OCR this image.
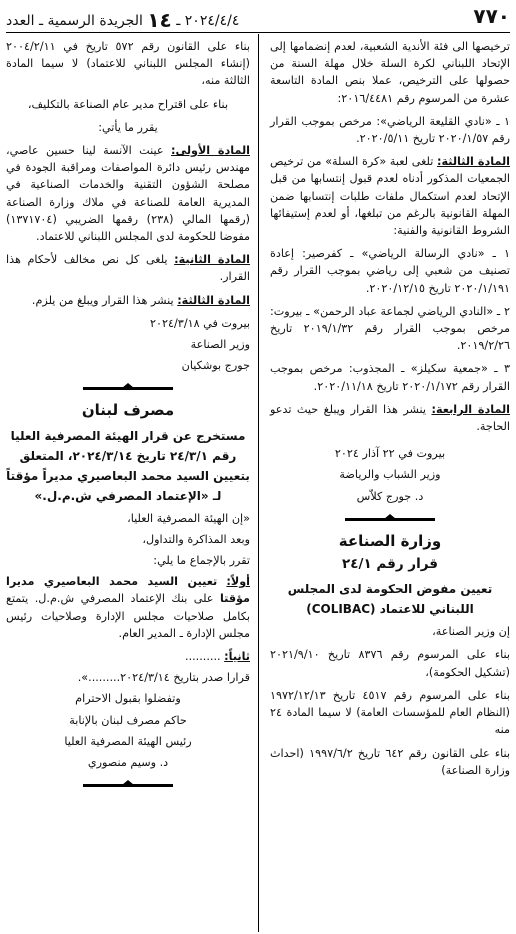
٧٧٠
٢٠٢٤/٤/٤ ـ ١٤ الجريدة الرسمية ـ العدد

ترخيصها الى فئة الأندية الشعبية، لعدم إنضمامها إلى الإتحاد اللبناني لكرة السلة خلال مهلة السنة من حصولها على الترخيص، عملا بنص المادة التاسعة عشرة من المرسوم رقم ٢٠١٦/٤٤٨١:

١ ـ «نادي القليعة الرياضي»: مرخص بموجب القرار رقم ٢٠٢٠/١/٥٧ تاريخ ٢٠٢٠/٥/١١.

المادة الثالثة: تلغى لعبة «كرة السلة» من ترخيص الجمعيات المذكور أدناه لعدم قبول إنتسابها من قبل الإتحاد لعدم استكمال ملفات طلبات إنتسابها ضمن المهلة القانونية بالرغم من تبلغها، أو لعدم إستيفائها الشروط القانونية والفنية:

١ ـ «نادي الرسالة الرياضي» ـ كفرصير: إعادة تصنيف من شعبي إلى رياضي بموجب القرار رقم ٢٠٢٠/١/١٩١ تاريخ ٢٠٢٠/١٢/١٥.

٢ ـ «النادي الرياضي لجماعة عباد الرحمن» ـ بيروت: مرخص بموجب القرار رقم ٢٠١٩/١/٣٢ تاريخ ٢٠١٩/٢/٢٦.

٣ ـ «جمعية سكيلز» ـ المجذوب: مرخص بموجب القرار رقم ٢٠٢٠/١/١٧٢ تاريخ ٢٠٢٠/١١/١٨.

المادة الرابعة: ينشر هذا القرار ويبلغ حيث تدعو الحاجة.

بيروت في ٢٢ آذار ٢٠٢٤

وزير الشباب والرياضة

د. جورج كلاّس

وزارة الصناعة
قرار رقم ٢٤/١
تعيين مفوض الحكومة لدى المجلس اللبناني للاعتماد (COLIBAC)

إن وزير الصناعة،

بناء على المرسوم رقم ٨٣٧٦ تاريخ ٢٠٢١/٩/١٠ (تشكيل الحكومة)،

بناء على المرسوم رقم ٤٥١٧ تاريخ ١٩٧٢/١٢/١٣ (النظام العام للمؤسسات العامة) لا سيما المادة ٢٤ منه

بناء على القانون رقم ٦٤٢ تاريخ ١٩٩٧/٦/٢ (احداث وزارة الصناعة)

بناء على القانون رقم ٥٧٢ تاريخ في ٢٠٠٤/٢/١١ (إنشاء المجلس اللبناني للاعتماد) لا سيما المادة الثالثة منه،

بناء على اقتراح مدير عام الصناعة بالتكليف،

يقرر ما يأتي:

المادة الأولى: عينت الآنسة لينا حسين عاصي، مهندس رئيس دائرة المواصفات ومراقبة الجودة في مصلحة الشؤون التقنية والخدمات الصناعية في المديرية العامة للصناعة في ملاك وزارة الصناعة (رقمها المالي (٢٣٨) رقمها الضريبي (١٣٧١٧٠٤) مفوضا للحكومة لدى المجلس اللبناني للاعتماد.

المادة الثانية: يلغى كل نص مخالف لأحكام هذا القرار.

المادة الثالثة: ينشر هذا القرار ويبلغ من يلزم.

بيروت في ٢٠٢٤/٣/١٨

وزير الصناعة

جورج بوشكيان

مصرف لبنان
مستخرج عن قرار الهيئة المصرفية العليا رقم ٢٤/٣/١ تاريخ ٢٠٢٤/٣/١٤، المتعلق بتعيين السيد محمد البعاصيري مديراً مؤقتاً لـ «الإعتماد المصرفي ش.م.ل.»

«إن الهيئة المصرفية العليا،

وبعد المذاكرة والتداول،

تقرر بالإجماع ما يلي:

أولاً: تعيين السيد محمد البعاصيري مديرا مؤقتا على بنك الإعتماد المصرفي ش.م.ل. يتمتع بكامل صلاحيات مجلس الإدارة وصلاحيات رئيس مجلس الإدارة ـ المدير العام.

ثانياً: ..........

قرارا صدر بتاريخ ٢٠٢٤/٣/١٤.........».

وتفضلوا بقبول الاحترام

حاكم مصرف لبنان بالإنابة

رئيس الهيئة المصرفية العليا

د. وسيم منصوري
